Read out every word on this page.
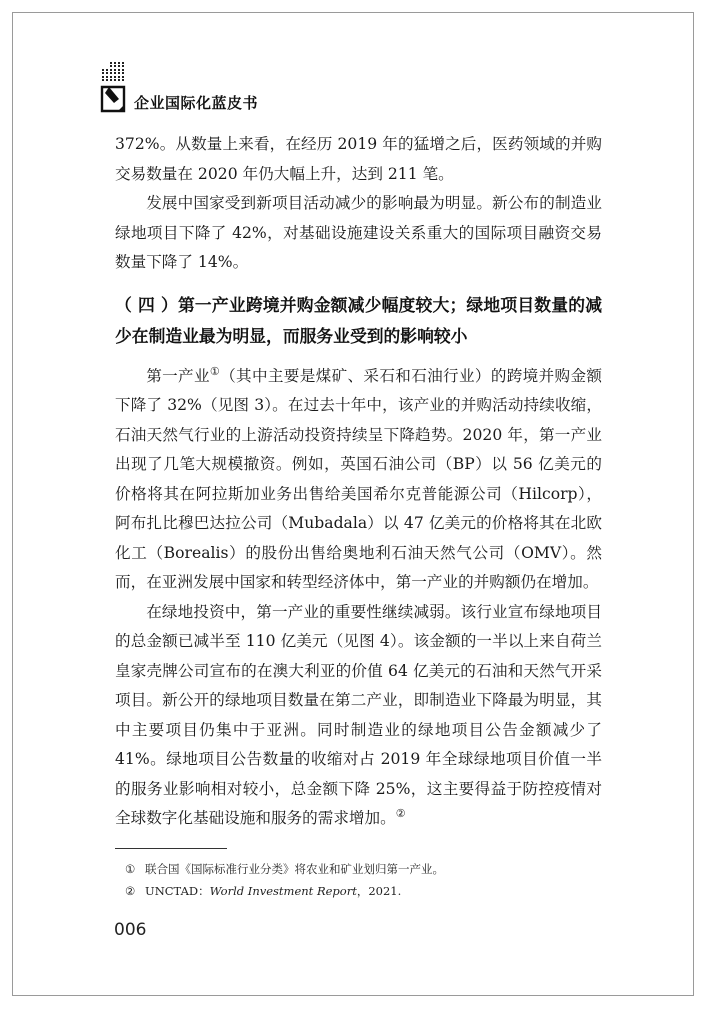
企业国际化蓝皮书

372%。从数量上来看，在经历 2019 年的猛增之后，医药领域的并购交易数量在 2020 年仍大幅上升，达到 211 笔。

发展中国家受到新项目活动减少的影响最为明显。新公布的制造业绿地项目下降了 42%，对基础设施建设关系重大的国际项目融资交易数量下降了 14%。

（ 四 ）第一产业跨境并购金额减少幅度较大；绿地项目数量的减少在制造业最为明显，而服务业受到的影响较小

第一产业①（其中主要是煤矿、采石和石油行业）的跨境并购金额下降了 32%（见图 3）。在过去十年中，该产业的并购活动持续收缩，石油天然气行业的上游活动投资持续呈下降趋势。2020 年，第一产业出现了几笔大规模撤资。例如，英国石油公司（BP）以 56 亿美元的价格将其在阿拉斯加业务出售给美国希尔克普能源公司（Hilcorp），阿布扎比穆巴达拉公司（Mubadala）以 47 亿美元的价格将其在北欧化工（Borealis）的股份出售给奥地利石油天然气公司（OMV）。然而，在亚洲发展中国家和转型经济体中，第一产业的并购额仍在增加。

在绿地投资中，第一产业的重要性继续减弱。该行业宣布绿地项目的总金额已减半至 110 亿美元（见图 4）。该金额的一半以上来自荷兰皇家壳牌公司宣布的在澳大利亚的价值 64 亿美元的石油和天然气开采项目。新公开的绿地项目数量在第二产业，即制造业下降最为明显，其中主要项目仍集中于亚洲。同时制造业的绿地项目公告金额减少了 41%。绿地项目公告数量的收缩对占 2019 年全球绿地项目价值一半的服务业影响相对较小，总金额下降 25%，这主要得益于防控疫情对全球数字化基础设施和服务的需求增加。②

① 联合国《国际标准行业分类》将农业和矿业划归第一产业。

② UNCTAD：World Investment Report，2021.

006
